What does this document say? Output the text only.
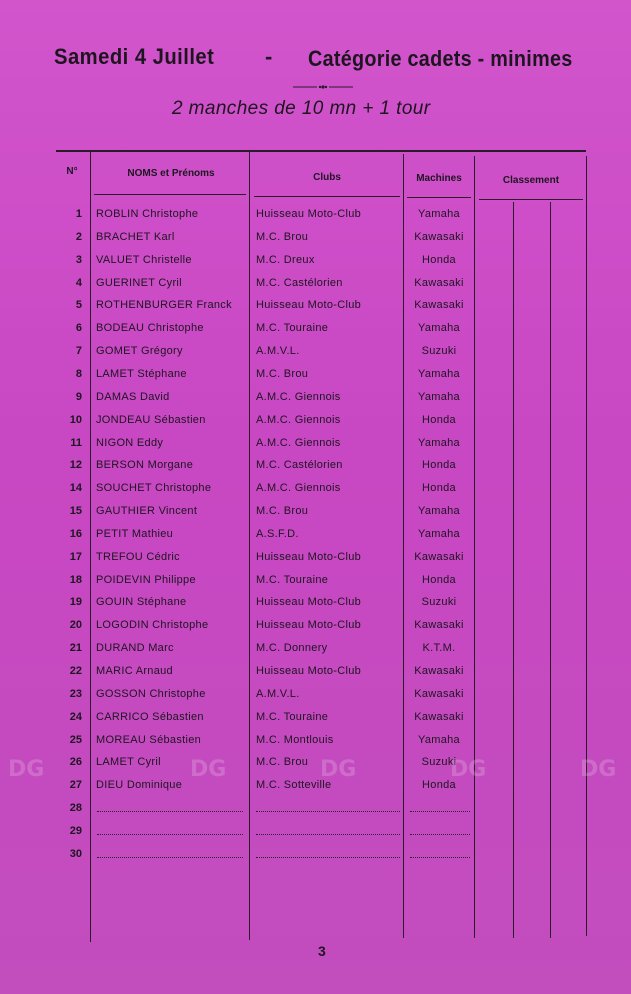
Samedi 4 Juillet - Catégorie cadets - minimes
2 manches de 10 mn + 1 tour
N°	NOMS et Prénoms	Clubs	Machines	Classement
1 ROBLIN Christophe	Huisseau Moto-Club	Yamaha
2 BRACHET Karl	M.C. Brou	Kawasaki
3 VALUET Christelle	M.C. Dreux	Honda
4 GUERINET Cyril	M.C. Castélorien	Kawasaki
5 ROTHENBURGER Franck Huisseau Moto-Club	Kawasaki
6 BODEAU Christophe	M.C. Touraine	Yamaha
7 GOMET Grégory	A.M.V.L.	Suzuki
8 LAMET Stéphane	M.C. Brou	Yamaha
9 DAMAS David	A.M.C. Giennois	Yamaha
10 JONDEAU Sébastien	A.M.C. Giennois	Honda
11 NIGON Eddy	A.M.C. Giennois	Yamaha
12 BERSON Morgane	M.C. Castélorien	Honda
14 SOUCHET Christophe	A.M.C. Giennois	Honda
15 GAUTHIER Vincent	M.C. Brou	Yamaha
16 PETIT Mathieu	A.S.F.D.	Yamaha
17 TREFOU Cédric	Huisseau Moto-Club	Kawasaki
18 POIDEVIN Philippe	M.C. Touraine	Honda
19 GOUIN Stéphane	Huisseau Moto-Club	Suzuki
20 LOGODIN Christophe	Huisseau Moto-Club	Kawasaki
21 DURAND Marc	M.C. Donnery	K.T.M.
22 MARIC Arnaud	Huisseau Moto-Club	Kawasaki
23 GOSSON Christophe	A.M.V.L.	Kawasaki
24 CARRICO Sébastien	M.C. Touraine	Kawasaki
25 MOREAU Sébastien	M.C. Montlouis	Yamaha
26 LAMET Cyril	M.C. Brou	Suzuki
27 DIEU Dominique	M.C. Sotteville	Honda
28
29
30
DG	DG	DG	DG	DG
3
